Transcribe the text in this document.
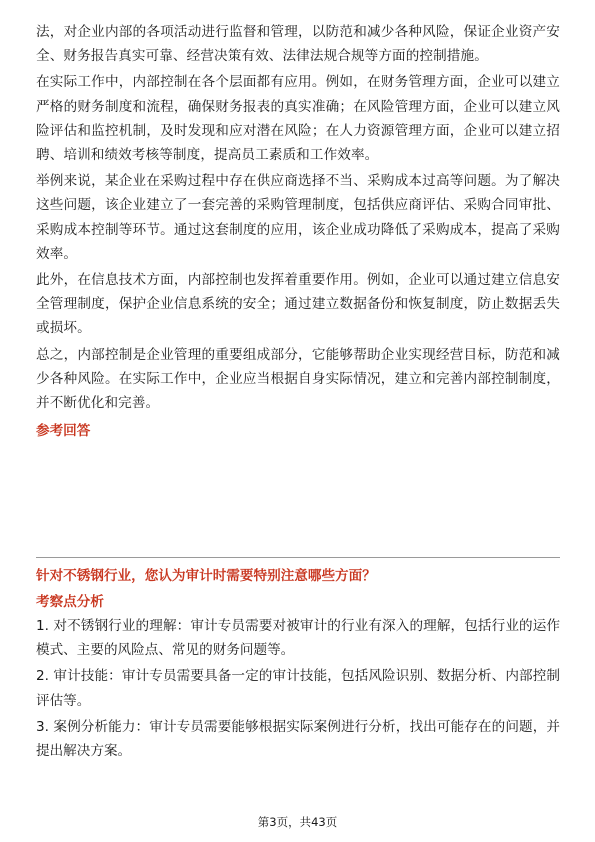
法，对企业内部的各项活动进行监督和管理，以防范和减少各种风险，保证企业资产安全、财务报告真实可靠、经营决策有效、法律法规合规等方面的控制措施。

在实际工作中，内部控制在各个层面都有应用。例如，在财务管理方面，企业可以建立严格的财务制度和流程，确保财务报表的真实准确；在风险管理方面，企业可以建立风险评估和监控机制，及时发现和应对潜在风险；在人力资源管理方面，企业可以建立招聘、培训和绩效考核等制度，提高员工素质和工作效率。

举例来说，某企业在采购过程中存在供应商选择不当、采购成本过高等问题。为了解决这些问题，该企业建立了一套完善的采购管理制度，包括供应商评估、采购合同审批、采购成本控制等环节。通过这套制度的应用，该企业成功降低了采购成本，提高了采购效率。

此外，在信息技术方面，内部控制也发挥着重要作用。例如，企业可以通过建立信息安全管理制度，保护企业信息系统的安全；通过建立数据备份和恢复制度，防止数据丢失或损坏。

总之，内部控制是企业管理的重要组成部分，它能够帮助企业实现经营目标，防范和减少各种风险。在实际工作中，企业应当根据自身实际情况，建立和完善内部控制制度，并不断优化和完善。

参考回答

针对不锈钢行业，您认为审计时需要特别注意哪些方面？

考察点分析

1. 对不锈钢行业的理解：审计专员需要对被审计的行业有深入的理解，包括行业的运作模式、主要的风险点、常见的财务问题等。

2. 审计技能：审计专员需要具备一定的审计技能，包括风险识别、数据分析、内部控制评估等。

3. 案例分析能力：审计专员需要能够根据实际案例进行分析，找出可能存在的问题，并提出解决方案。

第3页，共43页
